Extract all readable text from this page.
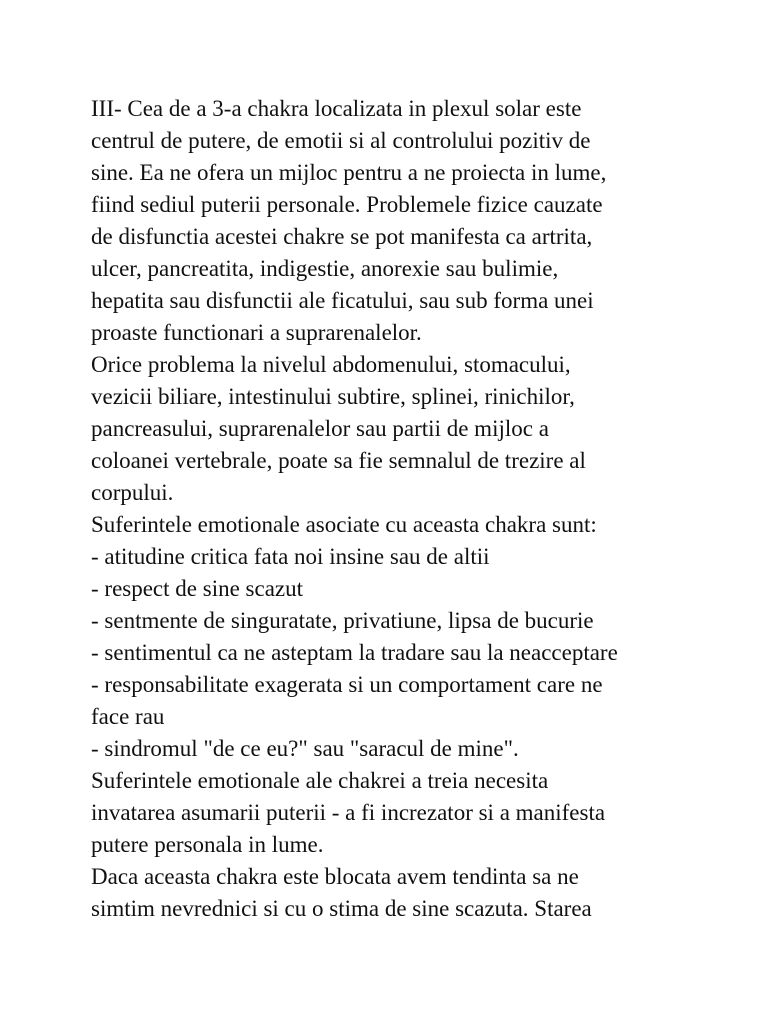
III- Cea de a 3-a chakra localizata in plexul solar este
centrul de putere, de emotii si al controlului pozitiv de
sine. Ea ne ofera un mijloc pentru a ne proiecta in lume,
fiind sediul puterii personale. Problemele fizice cauzate
de disfunctia acestei chakre se pot manifesta ca artrita,
ulcer, pancreatita, indigestie, anorexie sau bulimie,
hepatita sau disfunctii ale ficatului, sau sub forma unei
proaste functionari a suprarenalelor.
Orice problema la nivelul abdomenului, stomacului,
vezicii biliare, intestinului subtire, splinei, rinichilor,
pancreasului, suprarenalelor sau partii de mijloc a
coloanei vertebrale, poate sa fie semnalul de trezire al
corpului.
Suferintele emotionale asociate cu aceasta chakra sunt:
- atitudine critica fata noi insine sau de altii
- respect de sine scazut
- sentmente de singuratate, privatiune, lipsa de bucurie
- sentimentul ca ne asteptam la tradare sau la neacceptare
- responsabilitate exagerata si un comportament care ne
face rau
- sindromul "de ce eu?" sau "saracul de mine".
Suferintele emotionale ale chakrei a treia necesita
invatarea asumarii puterii - a fi increzator si a manifesta
putere personala in lume.
Daca aceasta chakra este blocata avem tendinta sa ne
simtim nevrednici si cu o stima de sine scazuta. Starea
